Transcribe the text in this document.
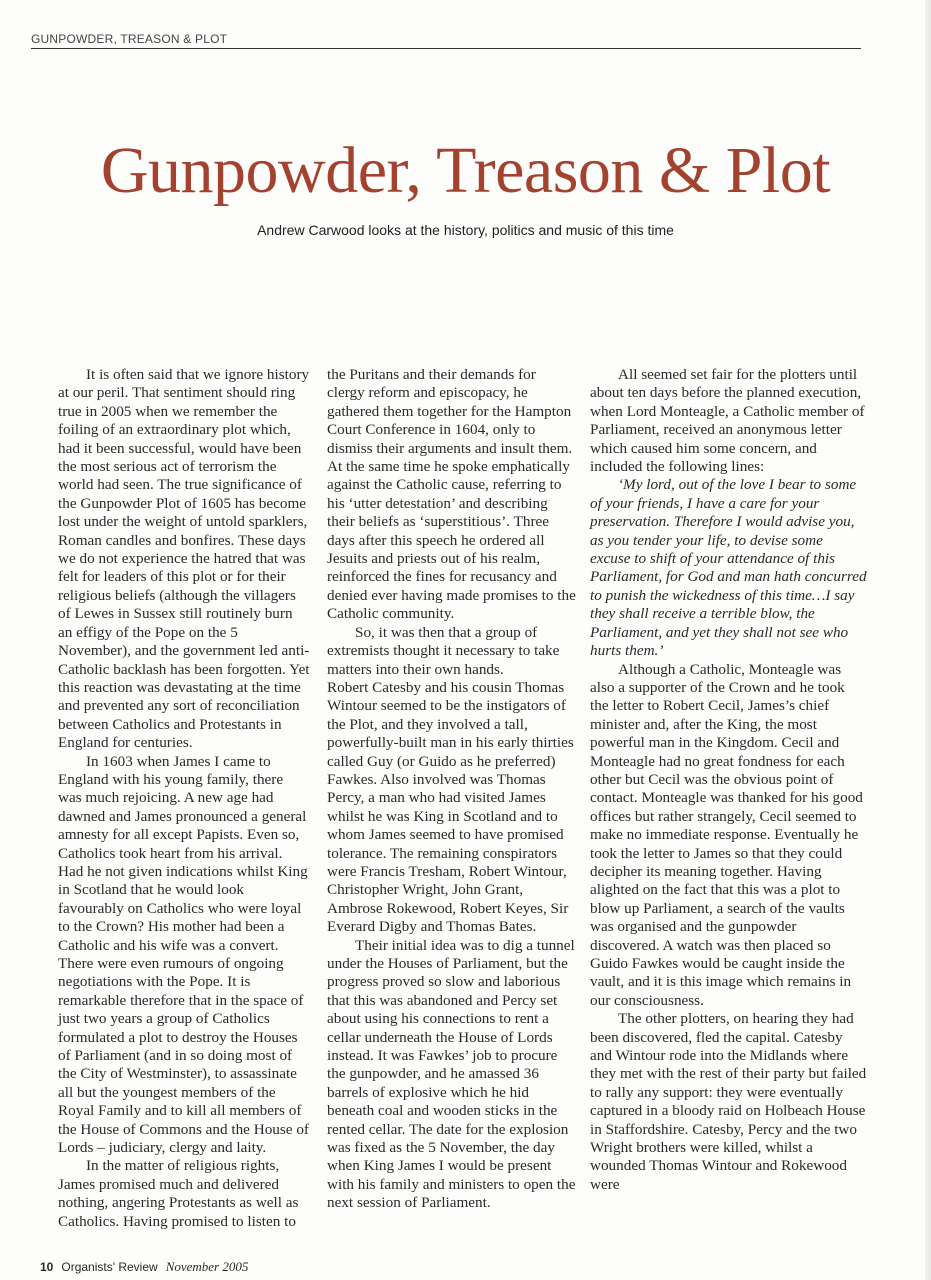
GUNPOWDER, TREASON & PLOT
Gunpowder, Treason & Plot
Andrew Carwood looks at the history, politics and music of this time

It is often said that we ignore history at our peril. That sentiment should ring true in 2005 when we remember the foiling of an extraordinary plot which, had it been successful, would have been the most serious act of terrorism the world had seen. The true significance of the Gunpowder Plot of 1605 has become lost under the weight of untold sparklers, Roman candles and bonfires. These days we do not experience the hatred that was felt for leaders of this plot or for their religious beliefs (although the villagers of Lewes in Sussex still routinely burn an effigy of the Pope on the 5 November), and the government led anti-Catholic backlash has been forgotten. Yet this reaction was devastating at the time and prevented any sort of reconciliation between Catholics and Protestants in England for centuries.

In 1603 when James I came to England with his young family, there was much rejoicing. A new age had dawned and James pronounced a general amnesty for all except Papists. Even so, Catholics took heart from his arrival. Had he not given indications whilst King in Scotland that he would look favourably on Catholics who were loyal to the Crown? His mother had been a Catholic and his wife was a convert. There were even rumours of ongoing negotiations with the Pope. It is remarkable therefore that in the space of just two years a group of Catholics formulated a plot to destroy the Houses of Parliament (and in so doing most of the City of Westminster), to assassinate all but the youngest members of the Royal Family and to kill all members of the House of Commons and the House of Lords – judiciary, clergy and laity.

In the matter of religious rights, James promised much and delivered nothing, angering Protestants as well as Catholics. Having promised to listen to

the Puritans and their demands for clergy reform and episcopacy, he gathered them together for the Hampton Court Conference in 1604, only to dismiss their arguments and insult them. At the same time he spoke emphatically against the Catholic cause, referring to his ‘utter detestation’ and describing their beliefs as ‘superstitious’. Three days after this speech he ordered all Jesuits and priests out of his realm, reinforced the fines for recusancy and denied ever having made promises to the Catholic community.

So, it was then that a group of extremists thought it necessary to take matters into their own hands.

Robert Catesby and his cousin Thomas Wintour seemed to be the instigators of the Plot, and they involved a tall, powerfully-built man in his early thirties called Guy (or Guido as he preferred) Fawkes. Also involved was Thomas Percy, a man who had visited James whilst he was King in Scotland and to whom James seemed to have promised tolerance. The remaining conspirators were Francis Tresham, Robert Wintour, Christopher Wright, John Grant, Ambrose Rokewood, Robert Keyes, Sir Everard Digby and Thomas Bates.

Their initial idea was to dig a tunnel under the Houses of Parliament, but the progress proved so slow and laborious that this was abandoned and Percy set about using his connections to rent a cellar underneath the House of Lords instead. It was Fawkes’ job to procure the gunpowder, and he amassed 36 barrels of explosive which he hid beneath coal and wooden sticks in the rented cellar. The date for the explosion was fixed as the 5 November, the day when King James I would be present with his family and ministers to open the next session of Parliament.

All seemed set fair for the plotters until about ten days before the planned execution, when Lord Monteagle, a Catholic member of Parliament, received an anonymous letter which caused him some concern, and included the following lines:

‘My lord, out of the love I bear to some of your friends, I have a care for your preservation. Therefore I would advise you, as you tender your life, to devise some excuse to shift of your attendance of this Parliament, for God and man hath concurred to punish the wickedness of this time…I say they shall receive a terrible blow, the Parliament, and yet they shall not see who hurts them.’

Although a Catholic, Monteagle was also a supporter of the Crown and he took the letter to Robert Cecil, James’s chief minister and, after the King, the most powerful man in the Kingdom. Cecil and Monteagle had no great fondness for each other but Cecil was the obvious point of contact. Monteagle was thanked for his good offices but rather strangely, Cecil seemed to make no immediate response. Eventually he took the letter to James so that they could decipher its meaning together. Having alighted on the fact that this was a plot to blow up Parliament, a search of the vaults was organised and the gunpowder discovered. A watch was then placed so Guido Fawkes would be caught inside the vault, and it is this image which remains in our consciousness.

The other plotters, on hearing they had been discovered, fled the capital. Catesby and Wintour rode into the Midlands where they met with the rest of their party but failed to rally any support: they were eventually captured in a bloody raid on Holbeach House in Staffordshire. Catesby, Percy and the two Wright brothers were killed, whilst a wounded Thomas Wintour and Rokewood were

10 Organists' Review November 2005
